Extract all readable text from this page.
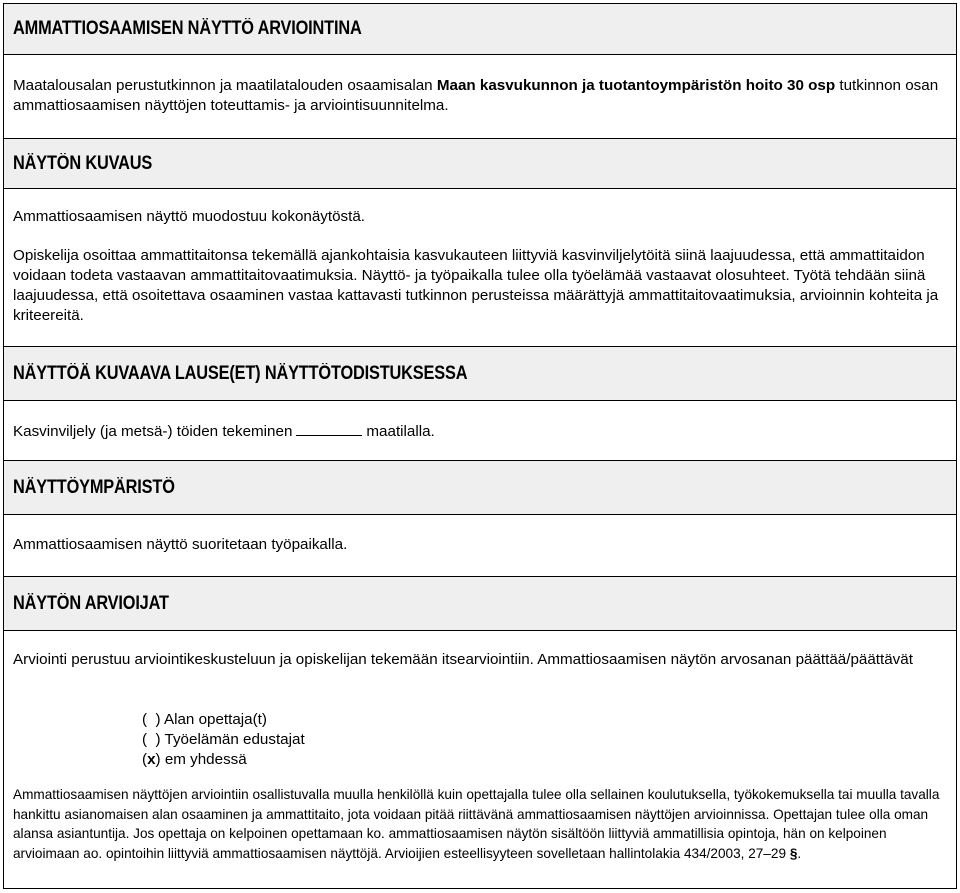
AMMATTIOSAAMISEN NÄYTTÖ ARVIOINTINA

Maatalousalan perustutkinnon ja maatilatalouden osaamisalan Maan kasvukunnon ja tuotantoympäristön hoito 30 osp tutkinnon osan ammattiosaamisen näyttöjen toteuttamis- ja arviointisuunnitelma.

NÄYTÖN KUVAUS

Ammattiosaamisen näyttö muodostuu kokonäytöstä.

Opiskelija osoittaa ammattitaitonsa tekemällä ajankohtaisia kasvukauteen liittyviä kasvinviljelytöitä siinä laajuudessa, että ammattitaidon voidaan todeta vastaavan ammattitaitovaatimuksia. Näyttö- ja työpaikalla tulee olla työelämää vastaavat olosuhteet. Työtä tehdään siinä laajuudessa, että osoitettava osaaminen vastaa kattavasti tutkinnon perusteissa määrättyjä ammattitaitovaatimuksia, arvioinnin kohteita ja kriteereitä.

NÄYTTÖÄ KUVAAVA LAUSE(ET) NÄYTTÖTODISTUKSESSA

Kasvinviljely (ja metsä-) töiden tekeminen	maatilalla.

NÄYTTÖYMPÄRISTÖ

Ammattiosaamisen näyttö suoritetaan työpaikalla.

NÄYTÖN ARVIOIJAT

Arviointi perustuu arviointikeskusteluun ja opiskelijan tekemään itsearviointiin. Ammattiosaamisen näytön arvosanan päättää/päättävät

(  ) Alan opettaja(t)
(  ) Työelämän edustajat
(x) em yhdessä

Ammattiosaamisen näyttöjen arviointiin osallistuvalla muulla henkilöllä kuin opettajalla tulee olla sellainen koulutuksella, työkokemuksella tai muulla tavalla hankittu asianomaisen alan osaaminen ja ammattitaito, jota voidaan pitää riittävänä ammattiosaamisen näyttöjen arvioinnissa. Opettajan tulee olla oman alansa asiantuntija. Jos opettaja on kelpoinen opettamaan ko. ammattiosaamisen näytön sisältöön liittyviä ammatillisia opintoja, hän on kelpoinen arvioimaan ao. opintoihin liittyviä ammattiosaamisen näyttöjä. Arvioijien esteellisyyteen sovelletaan hallintolakia 434/2003, 27–29 §.
